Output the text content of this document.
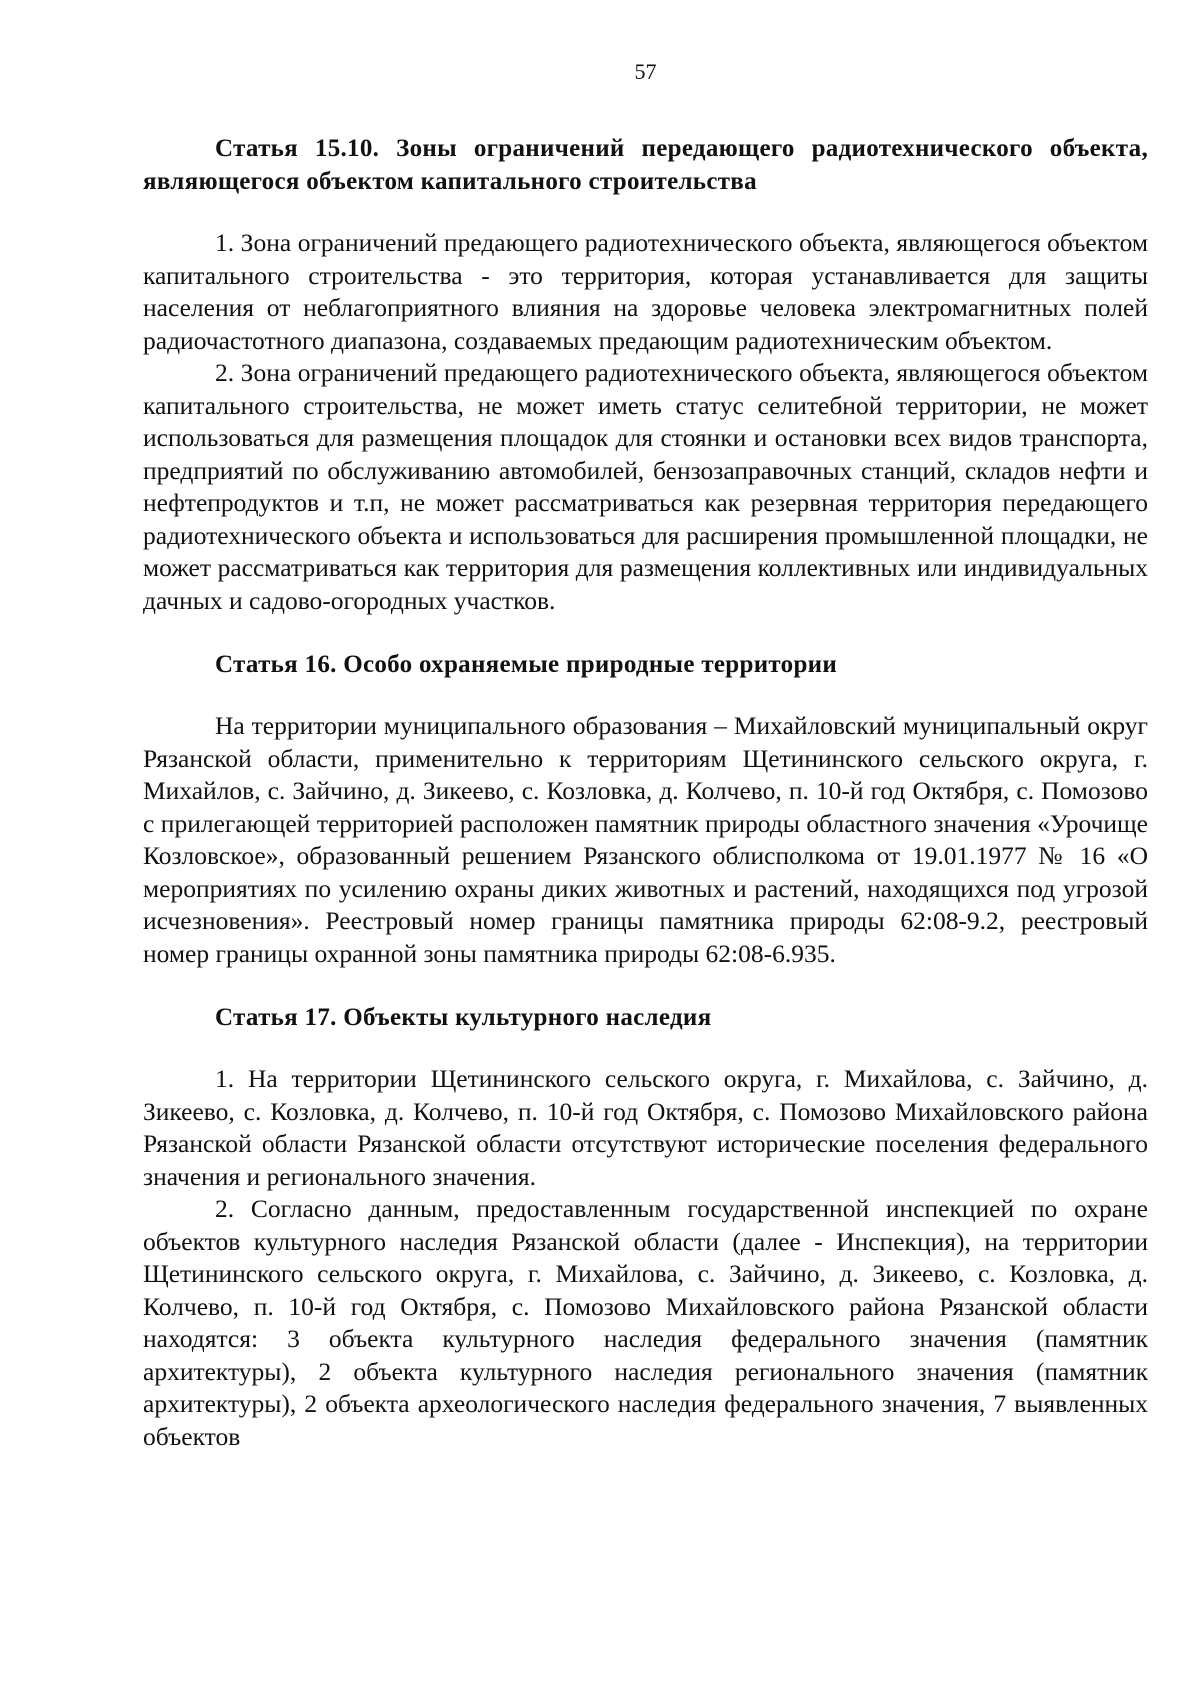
57
Статья 15.10. Зоны ограничений передающего радиотехнического объекта, являющегося объектом капитального строительства

1. Зона ограничений предающего радиотехнического объекта, являющегося объектом капитального строительства - это территория, которая устанавливается для защиты населения от неблагоприятного влияния на здоровье человека электромагнитных полей радиочастотного диапазона, создаваемых предающим радиотехническим объектом.

2. Зона ограничений предающего радиотехнического объекта, являющегося объектом капитального строительства, не может иметь статус селитебной территории, не может использоваться для размещения площадок для стоянки и остановки всех видов транспорта, предприятий по обслуживанию автомобилей, бензозаправочных станций, складов нефти и нефтепродуктов и т.п, не может рассматриваться как резервная территория передающего радиотехнического объекта и использоваться для расширения промышленной площадки, не может рассматриваться как территория для размещения коллективных или индивидуальных дачных и садово-огородных участков.

Статья 16. Особо охраняемые природные территории

На территории муниципального образования – Михайловский муниципальный округ Рязанской области, применительно к территориям Щетининского сельского округа, г. Михайлов, с. Зайчино, д. Зикеево, с. Козловка, д. Колчево, п. 10-й год Октября, с. Помозово с прилегающей территорией расположен памятник природы областного значения «Урочище Козловское», образованный решением Рязанского облисполкома от 19.01.1977 № 16 «О мероприятиях по усилению охраны диких животных и растений, находящихся под угрозой исчезновения». Реестровый номер границы памятника природы 62:08-9.2, реестровый номер границы охранной зоны памятника природы 62:08-6.935.

Статья 17. Объекты культурного наследия

1. На территории Щетининского сельского округа, г. Михайлова, с. Зайчино, д. Зикеево, с. Козловка, д. Колчево, п. 10-й год Октября, с. Помозово Михайловского района Рязанской области Рязанской области отсутствуют исторические поселения федерального значения и регионального значения.

2. Согласно данным, предоставленным государственной инспекцией по охране объектов культурного наследия Рязанской области (далее - Инспекция), на территории Щетининского сельского округа, г. Михайлова, с. Зайчино, д. Зикеево, с. Козловка, д. Колчево, п. 10-й год Октября, с. Помозово Михайловского района Рязанской области находятся: 3 объекта культурного наследия федерального значения (памятник архитектуры), 2 объекта культурного наследия регионального значения (памятник архитектуры), 2 объекта археологического наследия федерального значения, 7 выявленных объектов
